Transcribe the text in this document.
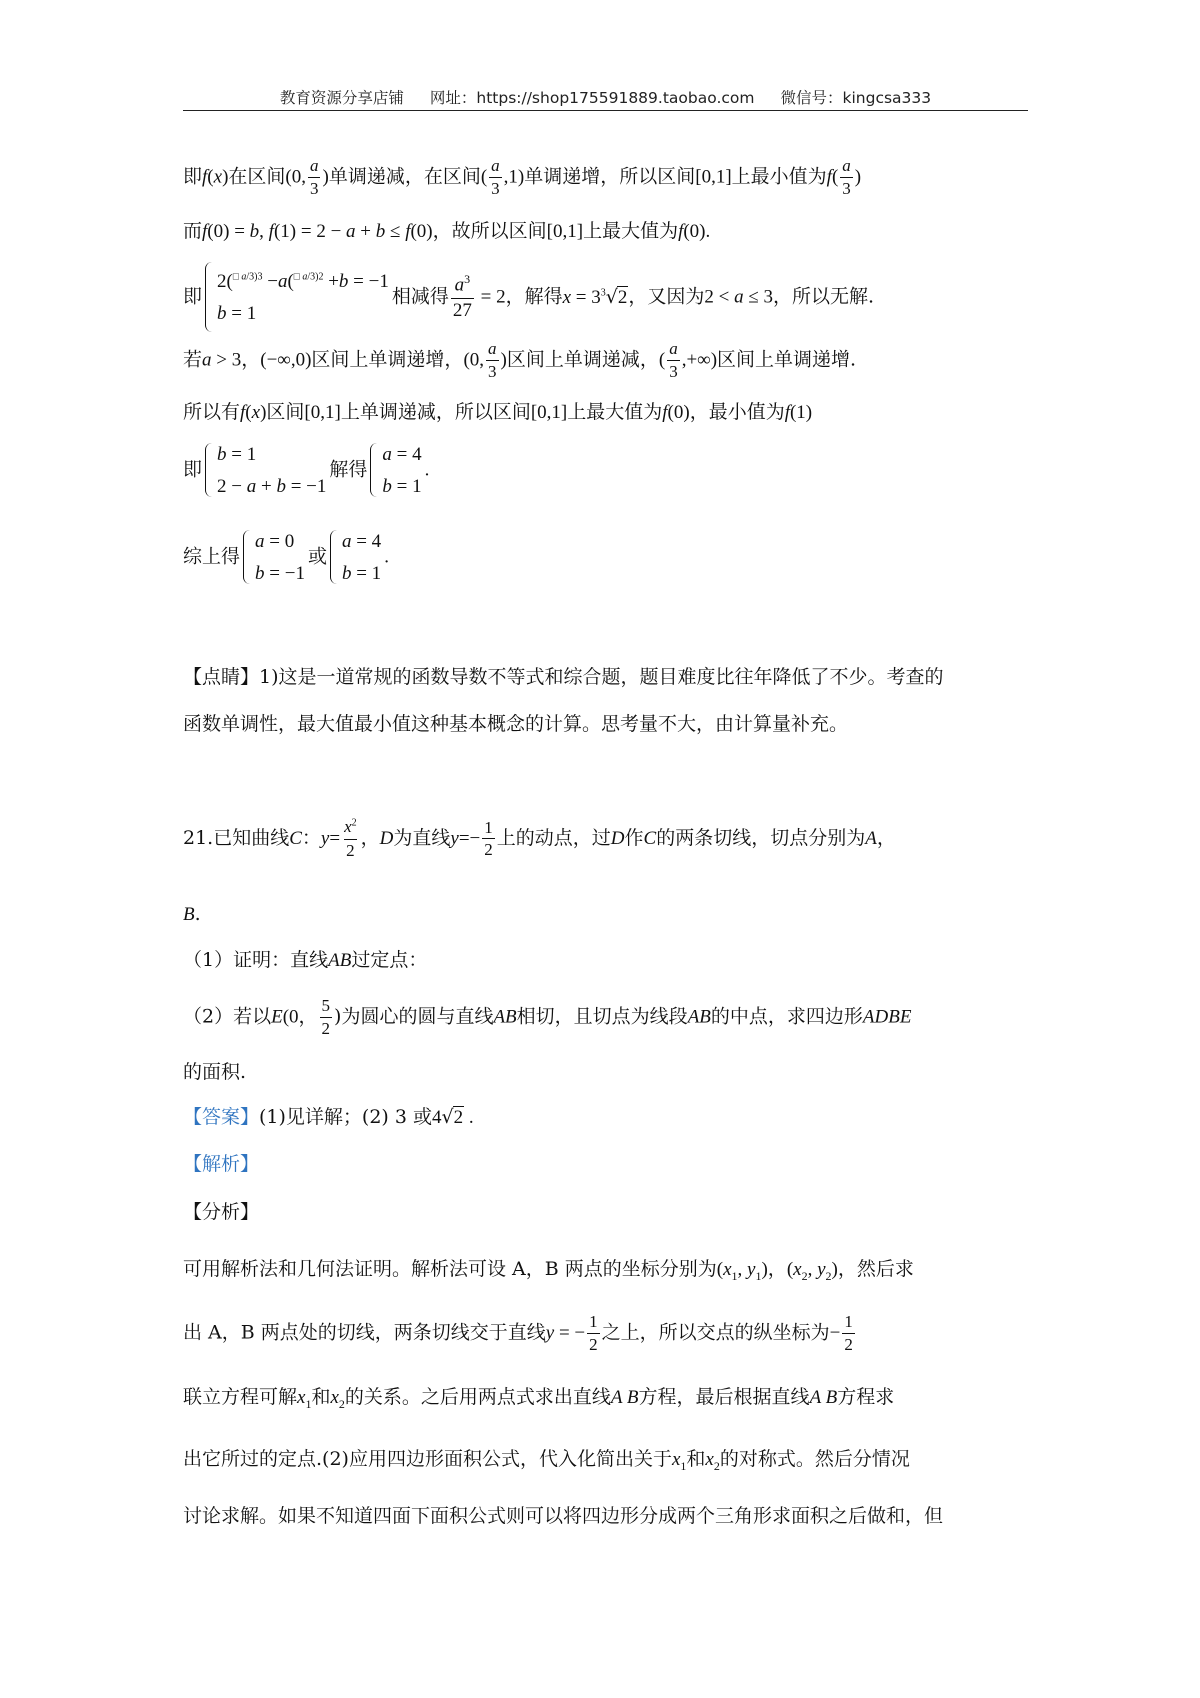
教育资源分享店铺 网址：https://shop175591889.taobao.com 微信号：kingcsa333
即f(x)在区间(0, $\frac{a}{3}$ )单调递减，在区间( $\frac{a}{3} ,1$)单调递增，所以区间[0,1]上最小值为$f( \frac{a}{3}$ )
而f(0) = b, f(1) = 2 − a + b ≤ f(0)，故所以区间[0,1]上最大值为f(0).
即
2($^{□ a/3)3}$ −a($^{□ a/3)2}$ +b = −1
b = 1
相减得 $\frac{a^3}{27} = 2$，解得$x = 3^3√2$，又因为2 < a ≤ 3，所以无解.
若a > 3，(−∞,0)区间上单调递增，(0, $\frac{a}{3}$ )区间上单调递减，( $\frac{a}{3}$ ,+∞)区间上单调递增.
所以有f(x)区间[0,1]上单调递减，所以区间[0,1]上最大值为f(0)，最小值为f(1)
即
b = 1
2 − a + b = −1
解得
a = 4
b = 1
.
综上得
a = 0
b = −1
或
a = 4
b = 1
.
【点睛】1)这是一道常规的函数导数不等式和综合题，题目难度比往年降低了不少。考查的
函数单调性，最大值最小值这种基本概念的计算。思考量不大，由计算量补充。
21.已知曲线C：$y= \frac{x^2}{2}$ ，D为直线$y=- \frac{1}{2}$ 上的动点，过D作C的两条切线，切点分别为A，
B.
（1）证明：直线AB过定点：
（2）若以E(0， $\frac{5}{2}$ )为圆心的圆与直线AB相切，且切点为线段AB的中点，求四边形ADBE
的面积.
【答案】(1)见详解；(2) 3 或4√2 .
【解析】
【分析】
可用解析法和几何法证明。解析法可设 A，B 两点的坐标分别为($x_1$, $y_1$)，($x_2$, $y_2$)，然后求
出 A，B 两点处的切线，两条切线交于直线y = − $\frac{1}{2}$ 之上，所以交点的纵坐标为− $\frac{1}{2}$
联立方程可解$x_1$和$x_2$的关系。之后用两点式求出直线A B方程，最后根据直线A B方程求
出它所过的定点.(2)应用四边形面积公式，代入化简出关于$x_1$和$x_2$的对称式。然后分情况
讨论求解。如果不知道四面下面积公式则可以将四边形分成两个三角形求面积之后做和，但
